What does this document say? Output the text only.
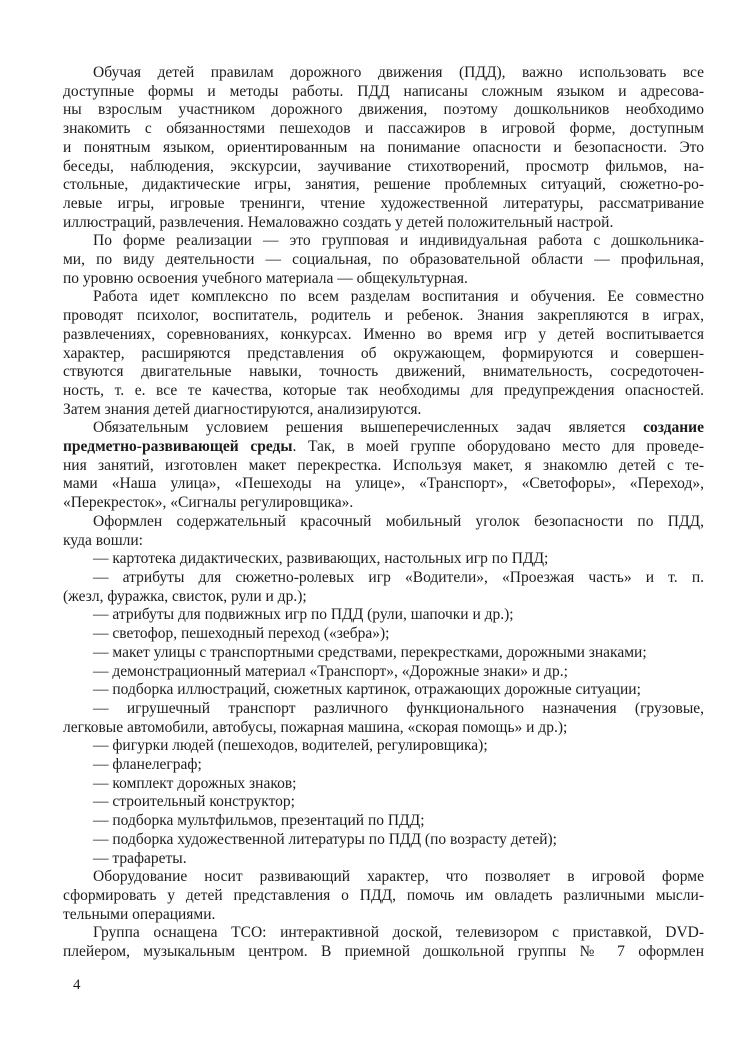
Обучая детей правилам дорожного движения (ПДД), важно использовать все
доступные формы и методы работы. ПДД написаны сложным языком и адресова-
ны взрослым участником дорожного движения, поэтому дошкольников необходимо
знакомить с обязанностями пешеходов и пассажиров в игровой форме, доступным
и понятным языком, ориентированным на понимание опасности и безопасности. Это
беседы, наблюдения, экскурсии, заучивание стихотворений, просмотр фильмов, на-
стольные, дидактические игры, занятия, решение проблемных ситуаций, сюжетно-ро-
левые игры, игровые тренинги, чтение художественной литературы, рассматривание
иллюстраций, развлечения. Немаловажно создать у детей положительный настрой.
По форме реализации — это групповая и индивидуальная работа с дошкольника-
ми, по виду деятельности — социальная, по образовательной области — профильная,
по уровню освоения учебного материала — общекультурная.
Работа идет комплексно по всем разделам воспитания и обучения. Ее совместно
проводят психолог, воспитатель, родитель и ребенок. Знания закрепляются в играх,
развлечениях, соревнованиях, конкурсах. Именно во время игр у детей воспитывается
характер, расширяются представления об окружающем, формируются и совершен-
ствуются двигательные навыки, точность движений, внимательность, сосредоточен-
ность, т. е. все те качества, которые так необходимы для предупреждения опасностей.
Затем знания детей диагностируются, анализируются.
Обязательным условием решения вышеперечисленных задач является создание
предметно-развивающей среды. Так, в моей группе оборудовано место для проведе-
ния занятий, изготовлен макет перекрестка. Используя макет, я знакомлю детей с те-
мами «Наша улица», «Пешеходы на улице», «Транспорт», «Светофоры», «Переход»,
«Перекресток», «Сигналы регулировщика».
Оформлен содержательный красочный мобильный уголок безопасности по ПДД,
куда вошли:
— картотека дидактических, развивающих, настольных игр по ПДД;
— атрибуты для сюжетно-ролевых игр «Водители», «Проезжая часть» и т. п.
(жезл, фуражка, свисток, рули и др.);
— атрибуты для подвижных игр по ПДД (рули, шапочки и др.);
— светофор, пешеходный переход («зебра»);
— макет улицы с транспортными средствами, перекрестками, дорожными знаками;
— демонстрационный материал «Транспорт», «Дорожные знаки» и др.;
— подборка иллюстраций, сюжетных картинок, отражающих дорожные ситуации;
— игрушечный транспорт различного функционального назначения (грузовые,
легковые автомобили, автобусы, пожарная машина, «скорая помощь» и др.);
— фигурки людей (пешеходов, водителей, регулировщика);
— фланелеграф;
— комплект дорожных знаков;
— строительный конструктор;
— подборка мультфильмов, презентаций по ПДД;
— подборка художественной литературы по ПДД (по возрасту детей);
— трафареты.
Оборудование носит развивающий характер, что позволяет в игровой форме
сформировать у детей представления о ПДД, помочь им овладеть различными мысли-
тельными операциями.
Группа оснащена ТСО: интерактивной доской, телевизором с приставкой, DVD-
плейером, музыкальным центром. В приемной дошкольной группы № 7 оформлен
4
